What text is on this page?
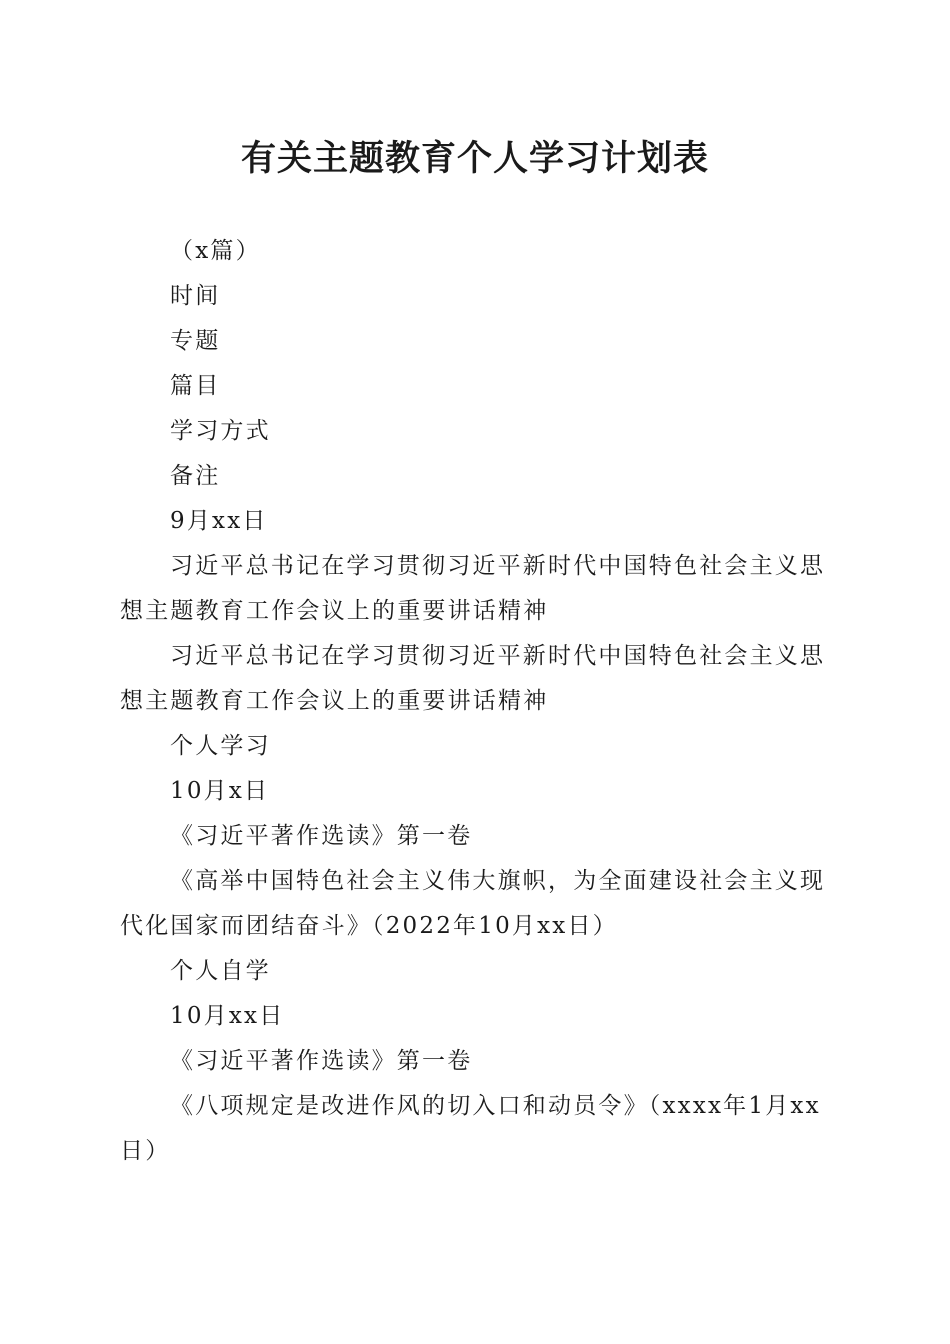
有关主题教育个人学习计划表

（x篇）

时间

专题

篇目

学习方式

备注

9月xx日

习近平总书记在学习贯彻习近平新时代中国特色社会主义思想主题教育工作会议上的重要讲话精神

习近平总书记在学习贯彻习近平新时代中国特色社会主义思想主题教育工作会议上的重要讲话精神

个人学习

10月x日

《习近平著作选读》第一卷

《高举中国特色社会主义伟大旗帜，为全面建设社会主义现代化国家而团结奋斗》（2022年10月xx日）

个人自学

10月xx日

《习近平著作选读》第一卷

《八项规定是改进作风的切入口和动员令》（xxxx年1月xx日）
